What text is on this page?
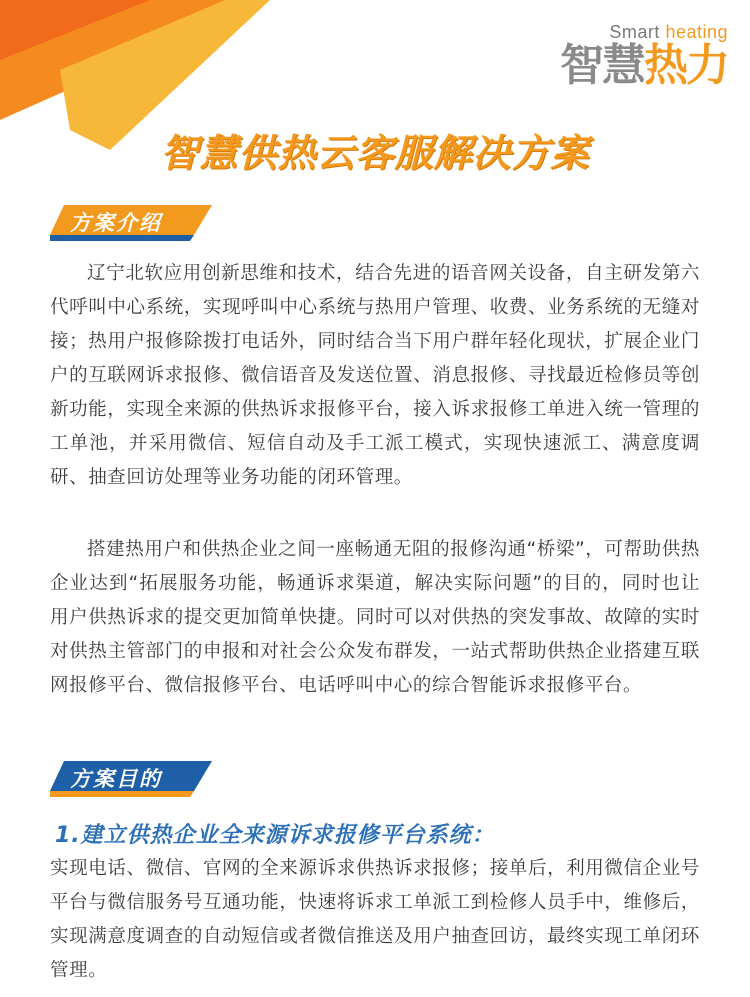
Smart heating
智慧热力
智慧供热云客服解决方案
方案介绍

辽宁北软应用创新思维和技术，结合先进的语音网关设备，自主研发第六代呼叫中心系统，实现呼叫中心系统与热用户管理、收费、业务系统的无缝对接；热用户报修除拨打电话外，同时结合当下用户群年轻化现状，扩展企业门户的互联网诉求报修、微信语音及发送位置、消息报修、寻找最近检修员等创新功能，实现全来源的供热诉求报修平台，接入诉求报修工单进入统一管理的工单池，并采用微信、短信自动及手工派工模式，实现快速派工、满意度调研、抽查回访处理等业务功能的闭环管理。

搭建热用户和供热企业之间一座畅通无阻的报修沟通“桥梁”，可帮助供热企业达到“拓展服务功能，畅通诉求渠道，解决实际问题”的目的，同时也让用户供热诉求的提交更加简单快捷。同时可以对供热的突发事故、故障的实时对供热主管部门的申报和对社会公众发布群发，一站式帮助供热企业搭建互联网报修平台、微信报修平台、电话呼叫中心的综合智能诉求报修平台。

方案目的
1.建立供热企业全来源诉求报修平台系统：

实现电话、微信、官网的全来源诉求供热诉求报修；接单后，利用微信企业号平台与微信服务号互通功能，快速将诉求工单派工到检修人员手中，维修后，实现满意度调查的自动短信或者微信推送及用户抽查回访，最终实现工单闭环管理。
